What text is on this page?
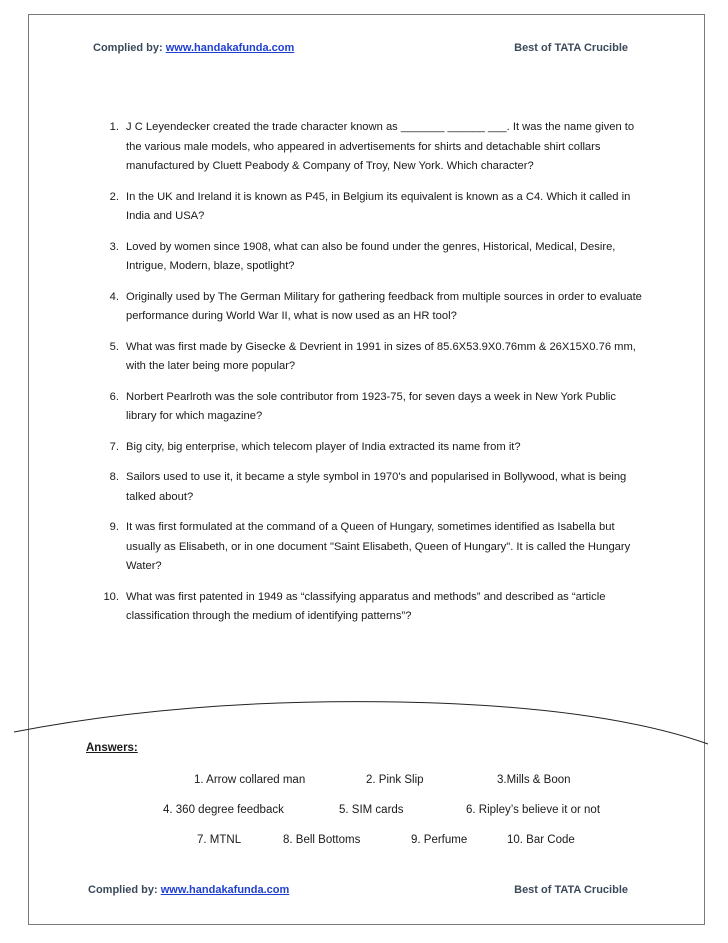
Complied by: www.handakafunda.com	Best of TATA Crucible
1. J C Leyendecker created the trade character known as _______ ______ ___. It was the name given to the various male models, who appeared in advertisements for shirts and detachable shirt collars manufactured by Cluett Peabody & Company of Troy, New York. Which character?
2. In the UK and Ireland it is known as P45, in Belgium its equivalent is known as a C4. Which it called in India and USA?
3. Loved by women since 1908, what can also be found under the genres, Historical, Medical, Desire, Intrigue, Modern, blaze, spotlight?
4. Originally used by The German Military for gathering feedback from multiple sources in order to evaluate performance during World War II, what is now used as an HR tool?
5. What was first made by Gisecke & Devrient in 1991 in sizes of 85.6X53.9X0.76mm & 26X15X0.76 mm, with the later being more popular?
6. Norbert Pearlroth was the sole contributor from 1923-75, for seven days a week in New York Public library for which magazine?
7. Big city, big enterprise, which telecom player of India extracted its name from it?
8. Sailors used to use it, it became a style symbol in 1970's and popularised in Bollywood, what is being talked about?
9. It was first formulated at the command of a Queen of Hungary, sometimes identified as Isabella but usually as Elisabeth, or in one document "Saint Elisabeth, Queen of Hungary". It is called the Hungary Water?
10. What was first patented in 1949 as “classifying apparatus and methods” and described as “article classification through the medium of identifying patterns”?
Answers:
1. Arrow collared man	2. Pink Slip	3.Mills & Boon
4. 360 degree feedback	5. SIM cards	6. Ripley’s believe it or not
7. MTNL	8. Bell Bottoms	9. Perfume	10. Bar Code
Complied by: www.handakafunda.com	Best of TATA Crucible
